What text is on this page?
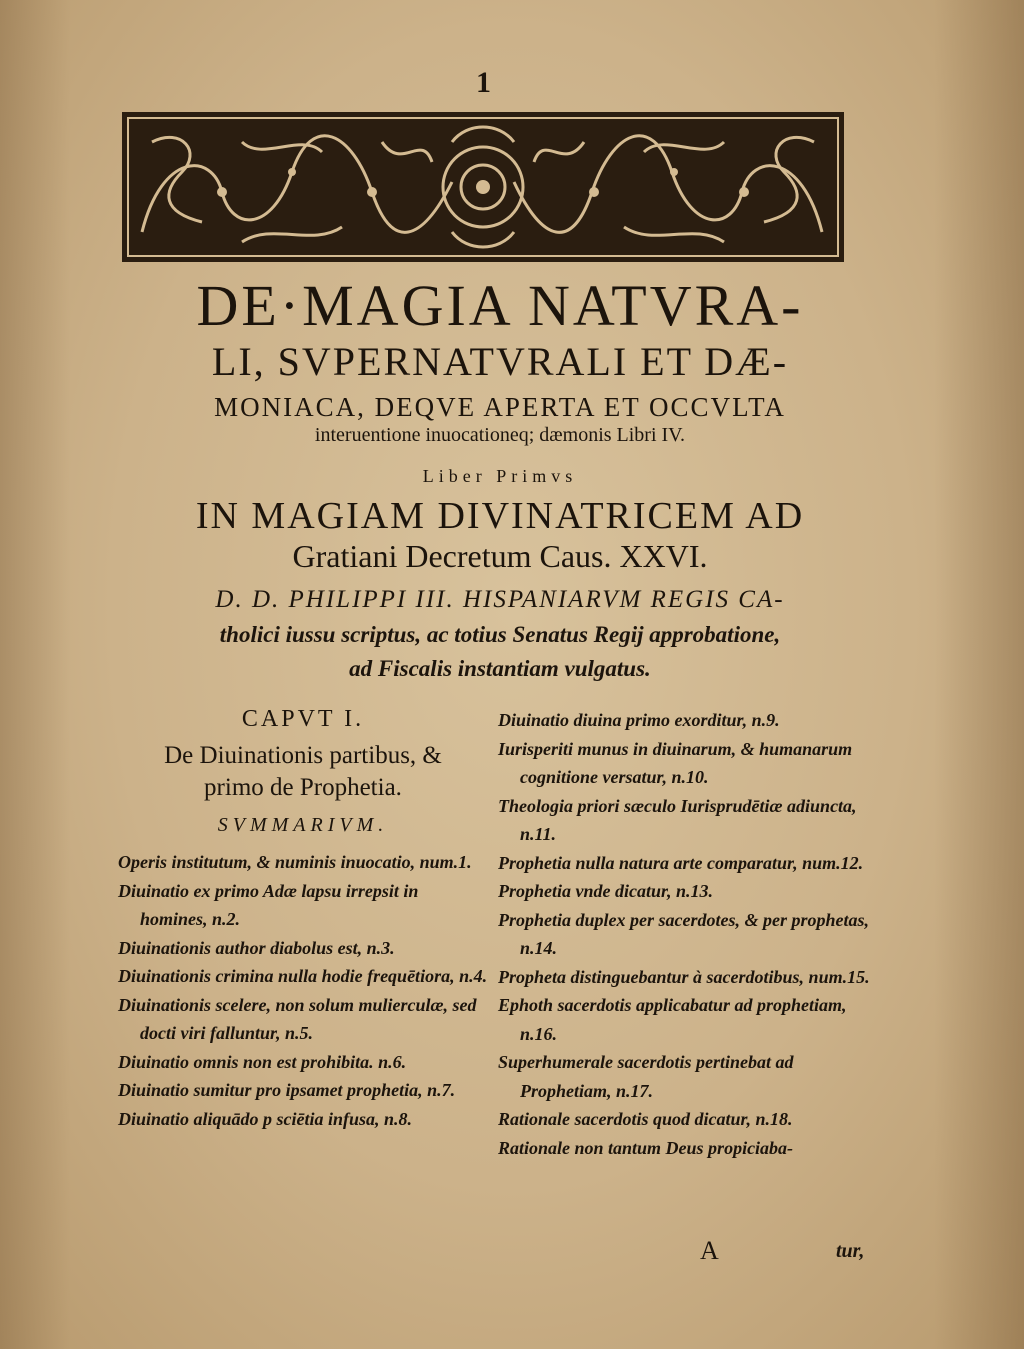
1
DE·MAGIA NATVRA-
LI, SVPERNATVRALI ET DÆ-
MONIACA, DEQVE APERTA ET OCCVLTA
interuentione inuocationeq; dæmonis Libri IV.
Liber Primvs
IN MAGIAM DIVINATRICEM AD
Gratiani Decretum Caus. XXVI.
D. D. PHILIPPI III. HISPANIARVM REGIS CA-
tholici iussu scriptus, ac totius Senatus Regij approbatione,
ad Fiscalis instantiam vulgatus.
CAPVT I.
De Diuinationis partibus, &
primo de Prophetia.
SVMMARIVM.
Operis institutum, & numinis inuocatio, num.1.
Diuinatio ex primo Adæ lapsu irrepsit in homines, n.2.
Diuinationis author diabolus est, n.3.
Diuinationis crimina nulla hodie frequētiora, n.4.
Diuinationis scelere, non solum mulierculæ, sed docti viri falluntur, n.5.
Diuinatio omnis non est prohibita. n.6.
Diuinatio sumitur pro ipsamet prophetia, n.7.
Diuinatio aliquādo p sciētia infusa, n.8.
Diuinatio diuina primo exorditur, n.9.
Iurisperiti munus in diuinarum, & humanarum cognitione versatur, n.10.
Theologia priori sæculo Iurisprudētiæ adiuncta, n.11.
Prophetia nulla natura arte comparatur, num.12.
Prophetia vnde dicatur, n.13.
Prophetia duplex per sacerdotes, & per prophetas, n.14.
Propheta distinguebantur à sacerdotibus, num.15.
Ephoth sacerdotis applicabatur ad prophetiam, n.16.
Superhumerale sacerdotis pertinebat ad Prophetiam, n.17.
Rationale sacerdotis quod dicatur, n.18.
Rationale non tantum Deus propiciaba-
A	tur,
